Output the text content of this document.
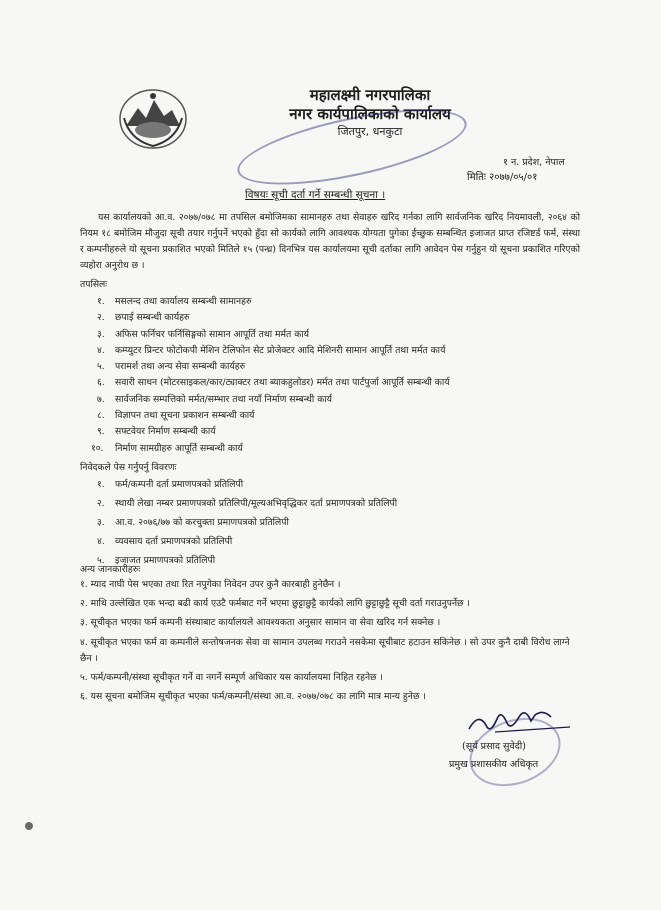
महालक्ष्मी नगरपालिका
नगर कार्यपालिकाको कार्यालय
जितपुर, धनकुटा
१ न. प्रदेश, नेपाल
मितिः २०७७/०५/०१
विषयः सूची दर्ता गर्ने सम्बन्धी सूचना ।
यस कार्यालयको आ.व. २०७७/०७८ मा तपसिल बमोजिमका सामानहरु तथा सेवाहरु खरिद गर्नका लागि सार्वजनिक खरिद नियमावली, २०६४ को नियम १८ बमोजिम मौजुदा सूची तयार गर्नुपर्ने भएको हुँदा सो कार्यको लागि आवश्यक योग्यता पुगेका ईच्छुक सम्बन्धित इजाजत प्राप्त रजिष्टर्ड फर्म, संस्था र कम्पनीहरुले यो सूचना प्रकाशित भएको मितिले १५ (पन्ध्र) दिनभित्र यस कार्यालयमा सूची दर्ताका लागि आवेदन पेस गर्नुहुन यो सूचना प्रकाशित गरिएको व्यहोरा अनुरोध छ ।
तपसिलः
१. मसलन्द तथा कार्यालय सम्बन्धी सामानहरु
२. छपाई सम्बन्धी कार्यहरु
३. अफिस फर्निचर फर्निसिङ्गको सामान आपूर्ति तथा मर्मत कार्य
४. कम्प्युटर प्रिन्टर फोटोकपी मेशिन टेलिफोन सेट प्रोजेक्टर आदि मेशिनरी सामान आपूर्ति तथा मर्मत कार्य
५. परामर्श तथा अन्य सेवा सम्बन्धी कार्यहरु
६. सवारी साधन (मोटरसाइकल/कार/ट्याक्टर तथा ब्याकहुलोडर) मर्मत तथा पार्टपुर्जा आपूर्ति सम्बन्धी कार्य
७. सार्वजनिक सम्पत्तिको मर्मत/सम्भार तथा नयाँ निर्माण सम्बन्धी कार्य
८. विज्ञापन तथा सूचना प्रकाशन सम्बन्धी कार्य
९. सफ्टवेयर निर्माण सम्बन्धी कार्य
१०. निर्माण सामग्रीहरु आपूर्ति सम्बन्धी कार्य
निवेदकले पेस गर्नुपर्नु विवरणः
१. फर्म/कम्पनी दर्ता प्रमाणपत्रको प्रतिलिपी
२. स्थायी लेखा नम्बर प्रमाणपत्रको प्रतिलिपी/मूल्यअभिवृद्धिकर दर्ता प्रमाणपत्रको प्रतिलिपी
३. आ.व. २०७६/७७ को करचुक्ता प्रमाणपत्रको प्रतिलिपी
४. व्यवसाय दर्ता प्रमाणपत्रको प्रतिलिपी
५. इजाजत प्रमाणपत्रको प्रतिलिपी
अन्य जानकारीहरुः
१. म्याद नाघी पेस भएका तथा रित नपुगेका निवेदन उपर कुनै कारबाही हुनेछैन ।
२. माथि उल्लेखित एक भन्दा बढी कार्य एउटै फर्मबाट गर्ने भएमा छुट्टाछुट्टै कार्यको लागि छुट्टाछुट्टै सूची दर्ता गराउनुपर्नेछ ।
३. सूचीकृत भएका फर्म कम्पनी संस्थाबाट कार्यालयले आवश्यकता अनुसार सामान वा सेवा खरिद गर्न सक्नेछ ।
४. सूचीकृत भएका फर्म वा कम्पनीले सन्तोषजनक सेवा वा सामान उपलब्ध गराउने नसकेमा सूचीबाट हटाउन सकिनेछ । सो उपर कुनै दाबी विरोध लाग्ने छैन ।
५. फर्म/कम्पनी/संस्था सूचीकृत गर्ने वा नगर्ने सम्पूर्ण अधिकार यस कार्यालयमा निहित रहनेछ ।
६. यस सूचना बमोजिम सूचीकृत भएका फर्म/कम्पनी/संस्था आ.व. २०७७/०७८ का लागि मात्र मान्य हुनेछ ।
(सूर्य प्रसाद सुवेदी)
प्रमुख प्रशासकीय अधिकृत
